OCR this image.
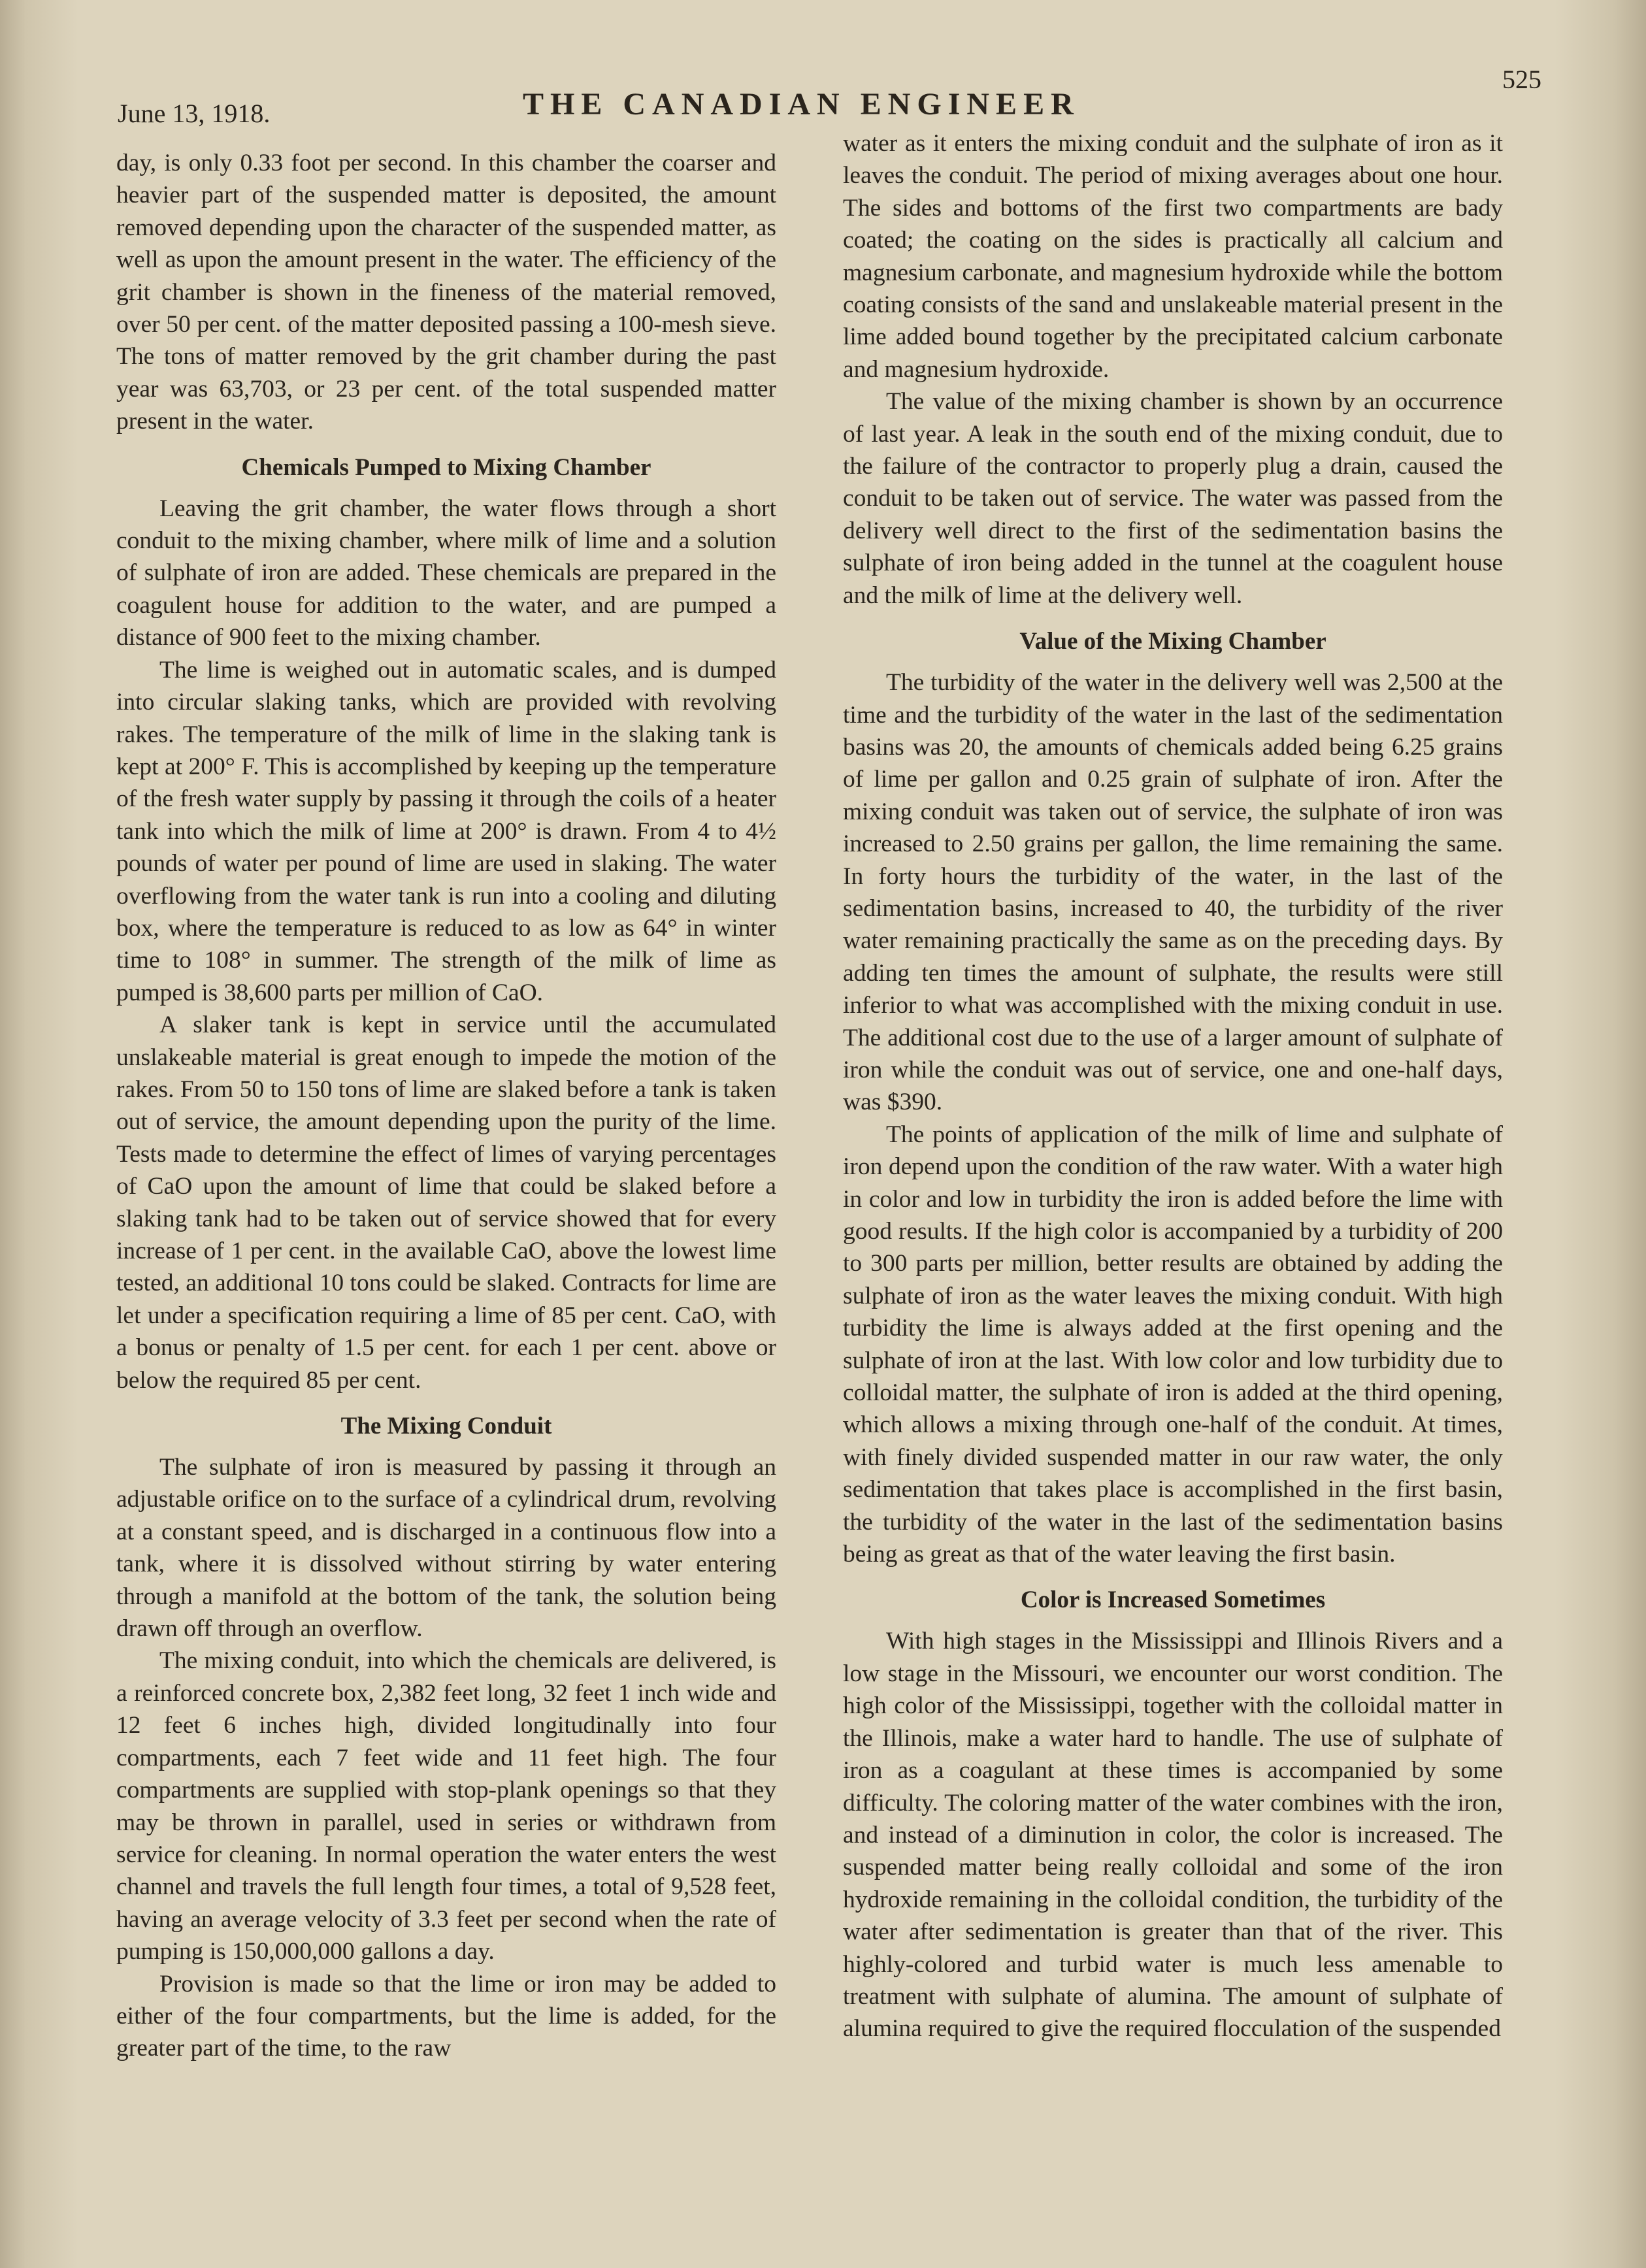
June 13, 1918.	THE CANADIAN ENGINEER
525

day, is only 0.33 foot per second. In this chamber the coarser and heavier part of the suspended matter is deposited, the amount removed depending upon the character of the suspended matter, as well as upon the amount present in the water. The efficiency of the grit chamber is shown in the fineness of the material removed, over 50 per cent. of the matter deposited passing a 100-mesh sieve. The tons of matter removed by the grit chamber during the past year was 63,703, or 23 per cent. of the total suspended matter present in the water.

Chemicals Pumped to Mixing Chamber

Leaving the grit chamber, the water flows through a short conduit to the mixing chamber, where milk of lime and a solution of sulphate of iron are added. These chemicals are prepared in the coagulent house for addition to the water, and are pumped a distance of 900 feet to the mixing chamber.

The lime is weighed out in automatic scales, and is dumped into circular slaking tanks, which are provided with revolving rakes. The temperature of the milk of lime in the slaking tank is kept at 200° F. This is accomplished by keeping up the temperature of the fresh water supply by passing it through the coils of a heater tank into which the milk of lime at 200° is drawn. From 4 to 4½ pounds of water per pound of lime are used in slaking. The water overflowing from the water tank is run into a cooling and diluting box, where the temperature is reduced to as low as 64° in winter time to 108° in summer. The strength of the milk of lime as pumped is 38,600 parts per million of CaO.

A slaker tank is kept in service until the accumulated unslakeable material is great enough to impede the motion of the rakes. From 50 to 150 tons of lime are slaked before a tank is taken out of service, the amount depending upon the purity of the lime. Tests made to determine the effect of limes of varying percentages of CaO upon the amount of lime that could be slaked before a slaking tank had to be taken out of service showed that for every increase of 1 per cent. in the available CaO, above the lowest lime tested, an additional 10 tons could be slaked. Contracts for lime are let under a specification requiring a lime of 85 per cent. CaO, with a bonus or penalty of 1.5 per cent. for each 1 per cent. above or below the required 85 per cent.

The Mixing Conduit

The sulphate of iron is measured by passing it through an adjustable orifice on to the surface of a cylindrical drum, revolving at a constant speed, and is discharged in a continuous flow into a tank, where it is dissolved without stirring by water entering through a manifold at the bottom of the tank, the solution being drawn off through an overflow.

The mixing conduit, into which the chemicals are delivered, is a reinforced concrete box, 2,382 feet long, 32 feet 1 inch wide and 12 feet 6 inches high, divided longitudinally into four compartments, each 7 feet wide and 11 feet high. The four compartments are supplied with stop-plank openings so that they may be thrown in parallel, used in series or withdrawn from service for cleaning. In normal operation the water enters the west channel and travels the full length four times, a total of 9,528 feet, having an average velocity of 3.3 feet per second when the rate of pumping is 150,000,000 gallons a day.

Provision is made so that the lime or iron may be added to either of the four compartments, but the lime is added, for the greater part of the time, to the raw

water as it enters the mixing conduit and the sulphate of iron as it leaves the conduit. The period of mixing averages about one hour. The sides and bottoms of the first two compartments are bady coated; the coating on the sides is practically all calcium and magnesium carbonate, and magnesium hydroxide while the bottom coating consists of the sand and unslakeable material present in the lime added bound together by the precipitated calcium carbonate and magnesium hydroxide.

The value of the mixing chamber is shown by an occurrence of last year. A leak in the south end of the mixing conduit, due to the failure of the contractor to properly plug a drain, caused the conduit to be taken out of service. The water was passed from the delivery well direct to the first of the sedimentation basins the sulphate of iron being added in the tunnel at the coagulent house and the milk of lime at the delivery well.

Value of the Mixing Chamber

The turbidity of the water in the delivery well was 2,500 at the time and the turbidity of the water in the last of the sedimentation basins was 20, the amounts of chemicals added being 6.25 grains of lime per gallon and 0.25 grain of sulphate of iron. After the mixing conduit was taken out of service, the sulphate of iron was increased to 2.50 grains per gallon, the lime remaining the same. In forty hours the turbidity of the water, in the last of the sedimentation basins, increased to 40, the turbidity of the river water remaining practically the same as on the preceding days. By adding ten times the amount of sulphate, the results were still inferior to what was accomplished with the mixing conduit in use. The additional cost due to the use of a larger amount of sulphate of iron while the conduit was out of service, one and one-half days, was $390.

The points of application of the milk of lime and sulphate of iron depend upon the condition of the raw water. With a water high in color and low in turbidity the iron is added before the lime with good results. If the high color is accompanied by a turbidity of 200 to 300 parts per million, better results are obtained by adding the sulphate of iron as the water leaves the mixing conduit. With high turbidity the lime is always added at the first opening and the sulphate of iron at the last. With low color and low turbidity due to colloidal matter, the sulphate of iron is added at the third opening, which allows a mixing through one-half of the conduit. At times, with finely divided suspended matter in our raw water, the only sedimentation that takes place is accomplished in the first basin, the turbidity of the water in the last of the sedimentation basins being as great as that of the water leaving the first basin.

Color is Increased Sometimes

With high stages in the Mississippi and Illinois Rivers and a low stage in the Missouri, we encounter our worst condition. The high color of the Mississippi, together with the colloidal matter in the Illinois, make a water hard to handle. The use of sulphate of iron as a coagulant at these times is accompanied by some difficulty. The coloring matter of the water combines with the iron, and instead of a diminution in color, the color is increased. The suspended matter being really colloidal and some of the iron hydroxide remaining in the colloidal condition, the turbidity of the water after sedimentation is greater than that of the river. This highly-colored and turbid water is much less amenable to treatment with sulphate of alumina. The amount of sulphate of alumina required to give the required flocculation of the suspended
